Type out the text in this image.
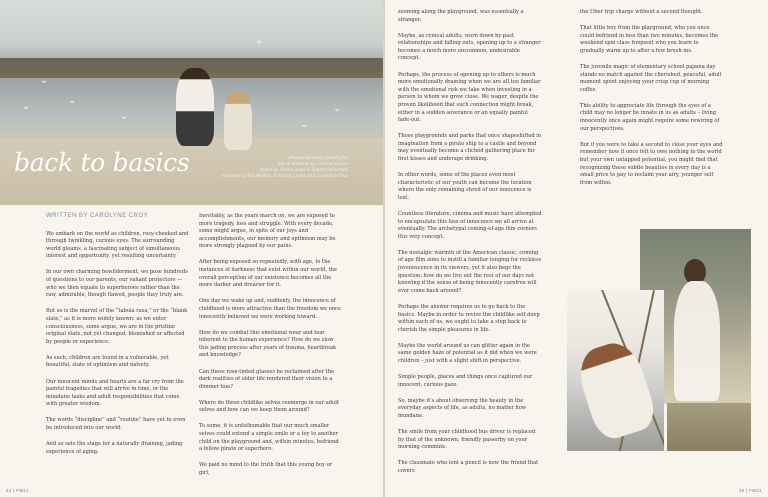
⌄
⌄
⌄
⌄
⌄
⌄
⌄
back to basics	photographed by Jess Buffer
hair & makeup by Caroline Hayes
styled by Alyssa Jones & Sophia Palermaki
modeled by Will Mallins, Kimberly Longrust & Laurence Cruz
WRITTEN BY CAROLYNE CROY

We embark on the world as children, rosy-cheeked and through twinkling, curious eyes. The surrounding world gleams, a fascinating subject of simultaneous interest and opportunity, yet resulting uncertainty.

In our own charming bewilderment, we pose hundreds of questions to our parents, our valiant protectors — who we then equate to superheroes rather than the raw, admirable, though flawed, people they truly are.

But so is the marvel of the “tabula rasa,” or the “blank slate,” as it is more widely known: as we enter consciousness, some argue, we are in the pristine original state, not yet changed, blemished or affected by people or experience.

As such, children are found in a vulnerable, yet beautiful, state of optimism and naïvety.

Our innocent minds and hearts are a far cry from the painful tragedies that will arrive in time, or the mundane tasks and adult responsibilities that come with greater wisdom.

The words “discipline” and “routine” have yet to even be introduced into our world.

And so sets the stage for a naturally draining, jading experience of aging.

Inevitably, as the years march on, we are exposed to more tragedy, loss and struggle. With every decade, some might argue, in spite of our joys and accomplishments, our memory and optimism may be more strongly plagued by our pains.

After being exposed so repeatedly, with age, to the instances of darkness that exist within our world, the overall perception of our existence becomes all the more darker and drearier for it.

One day we wake up and, suddenly, the innocence of childhood is more attractive than the freedom we once innocently believed we were working toward.

How do we combat this emotional wear and tear inherent to the human experience? How do we slow this jading process after years of trauma, heartbreak and knowledge?

Can these rose-tinted glasses be reclaimed after the dark realities of older life rendered their vision to a dimmer hue?

Where do these childlike selves reemerge in our adult selves and how can we keep them around?

To some, it is unfathomable that our much smaller selves could extend a simple smile or a toy to another child on the playground and, within minutes, befriend a fellow pirate or superhero.

We paid no mind to the truth that this young boy or girl,

44 | FW21

zooming along the playground, was essentially a stranger.

Maybe, as cynical adults, worn down by past relationships and falling outs, opening up to a stranger becomes a much more uncommon, undesirable concept.

Perhaps, the process of opening up to others is much more emotionally draining when we are all too familiar with the emotional risk we take when investing in a person to whom we grow close. We wager, despite the proven likelihood that such connection might break, either in a sudden severance or an equally painful fade-out.

Those playgrounds and parks that once shapeshifted in imagination from a pirate ship to a castle and beyond may eventually become a clichéd gathering place for first kisses and underage drinking.

In other words, some of the places even most characteristic of our youth can become the location where the only remaining shred of our innocence is lost.

Countless literature, cinema and music have attempted to encapsulate this loss of innocence we all arrive at eventually. The archetypal coming-of-age film corners this very concept.

The nostalgic warmth of the American classic, coming of age film aims to instill a familiar longing for reckless juvenescence in its viewers, yet it also begs the question: how do we live out the rest of our days not knowing if the sense of being innocently carefree will ever come back around?

Perhaps the answer requires us to go back to the basics. Maybe in order to revive the childlike self deep within each of us, we ought to take a step back to cherish the simple pleasures in life.

Maybe the world around us can glitter again in the same golden haze of potential as it did when we were children – just with a slight shift in perspective.

Simple people, places and things once captured our innocent, curious gaze.

So, maybe it’s about observing the beauty in the everyday aspects of life, as adults, no matter how mundane.

The smile from your childhood bus driver is replaced by that of the unknown, friendly passerby on your morning commute.

The classmate who lent a pencil is now the friend that covers

the Uber trip charge without a second thought.

That little boy from the playground, who you once could befriend in less than two minutes, becomes the weekend spin class frequent who you learn to gradually warm up to after a few brush-ins.

The juvenile magic of elementary school pajama day stands no match against the cherished, peaceful, adult moment spent enjoying your crisp cup of morning coffee.

This ability to appreciate life through the eyes of a child may no longer be innate in us as adults – living innocently once again might require some rewiring of our perspectives.

But if you were to take a second to close your eyes and remember how it once felt to owe nothing to the world but your own untapped potential, you might find that recognizing these subtle beauties in every day is a small price to pay to reclaim your airy, younger self from within.

45 | FW21
